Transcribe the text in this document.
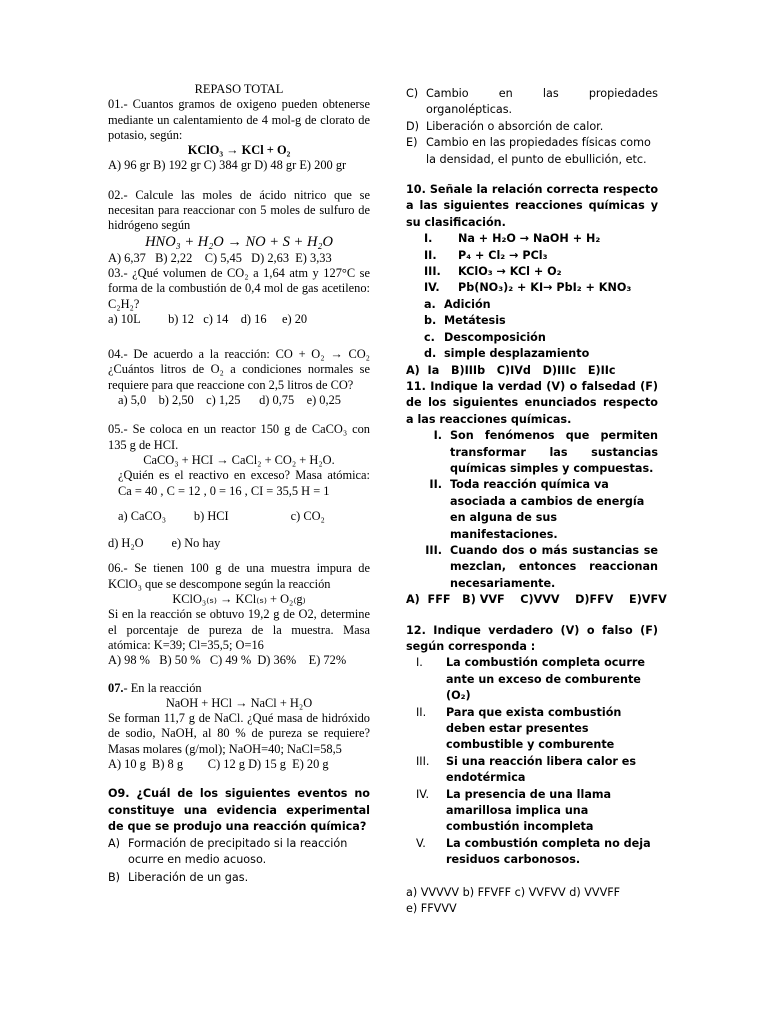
REPASO TOTAL

01.- Cuantos gramos de oxigeno pueden obtenerse mediante un calentamiento de 4 mol-g de clorato de potasio, según:

KClO₃ → KCl + O₂

A) 96 gr B) 192 gr C) 384 gr D) 48 gr E) 200 gr

02.- Calcule las moles de ácido nitrico que se necesitan para reaccionar con 5 moles de sulfuro de hidrógeno según

HNO₃ + H₂O → NO + S + H₂O

A) 6,37   B) 2,22    C) 5,45   D) 2,63  E) 3,33

03.- ¿Qué volumen de CO₂ a 1,64 atm y 127°C se forma de la combustión de 0,4 mol de gas acetileno: C₂H₂?

a) 10L         b) 12   c) 14    d) 16     e) 20

04.- De acuerdo a la reacción: CO + O₂ → CO₂ ¿Cuántos litros de O₂ a condiciones normales se requiere para que reaccione con 2,5 litros de CO?

a) 5,0    b) 2,50    c) 1,25      d) 0,75    e) 0,25

05.- Se coloca en un reactor 150 g de CaCO₃ con 135 g de HCI.

CaCO₃ + HCI → CaCl₂ + CO₂ + H₂O.

¿Quién es el reactivo en exceso? Masa atómica: Ca = 40 , C = 12 , 0 = 16 , CI = 35,5 H = 1

a) CaCO₃         b) HCI                    c) CO₂

d) H₂O         e) No hay

06.- Se tienen 100 g de una muestra impura de KClO₃ que se descompone según la reacción

KClO₃₍ₛ₎ → KCl₍ₛ₎ + O₂₍g₎

Si en la reacción se obtuvo 19,2 g de O2, determine el porcentaje de pureza de la muestra. Masa atómica: K=39; Cl=35,5; O=16

A) 98 %   B) 50 %   C) 49 %  D) 36%    E) 72%

07.- En la reacción

NaOH + HCl → NaCl + H₂O

Se forman 11,7 g de NaCl. ¿Qué masa de hidróxido de sodio, NaOH, al 80 % de pureza se requiere? Masas molares (g/mol); NaOH=40; NaCl=58,5

A) 10 g  B) 8 g        C) 12 g D) 15 g  E) 20 g

O9. ¿Cuál de los siguientes eventos no constituye una evidencia experimental de que se produjo una reacción química?

A) Formación de precipitado si la reacción ocurre en medio acuoso.
B) Liberación de un gas.
C) Cambio en las propiedades organolépticas.
D) Liberación o absorción de calor.
E) Cambio en las propiedades físicas como la densidad, el punto de ebullición, etc.

10. Señale la relación correcta respecto a las siguientes reacciones químicas y su clasificación.

I.	Na + H₂O → NaOH + H₂
II.	P₄ + Cl₂ → PCl₃
III.	KClO₃ → KCl + O₂
IV.	Pb(NO₃)₂ + KI→ PbI₂ + KNO₃
a. Adición
b. Metátesis
c. Descomposición
d. simple desplazamiento

A)  Ia   B)IIIb   C)IVd   D)IIIc   E)IIc

11. Indique la verdad (V) o falsedad (F) de los siguientes enunciados respecto a las reacciones químicas.

I. Son fenómenos que permiten transformar las sustancias químicas simples y compuestas.
II. Toda reacción química va asociada a cambios de energía en alguna de sus manifestaciones.
III. Cuando dos o más sustancias se mezclan, entonces reaccionan necesariamente.

A)  FFF   B) VVF    C)VVV    D)FFV    E)VFV

12. Indique verdadero (V) o falso (F) según corresponda :

I.	La combustión completa ocurre ante un exceso de comburente (O₂)
II.	Para que exista combustión deben estar presentes combustible y comburente
III.	Si una reacción libera calor es endotérmica
IV.	La presencia de una llama amarillosa implica una combustión incompleta
V.	La combustión completa no deja residuos carbonosos.

a) VVVVV b) FFVFF c) VVFVV d) VVVFF

e) FFVVV
